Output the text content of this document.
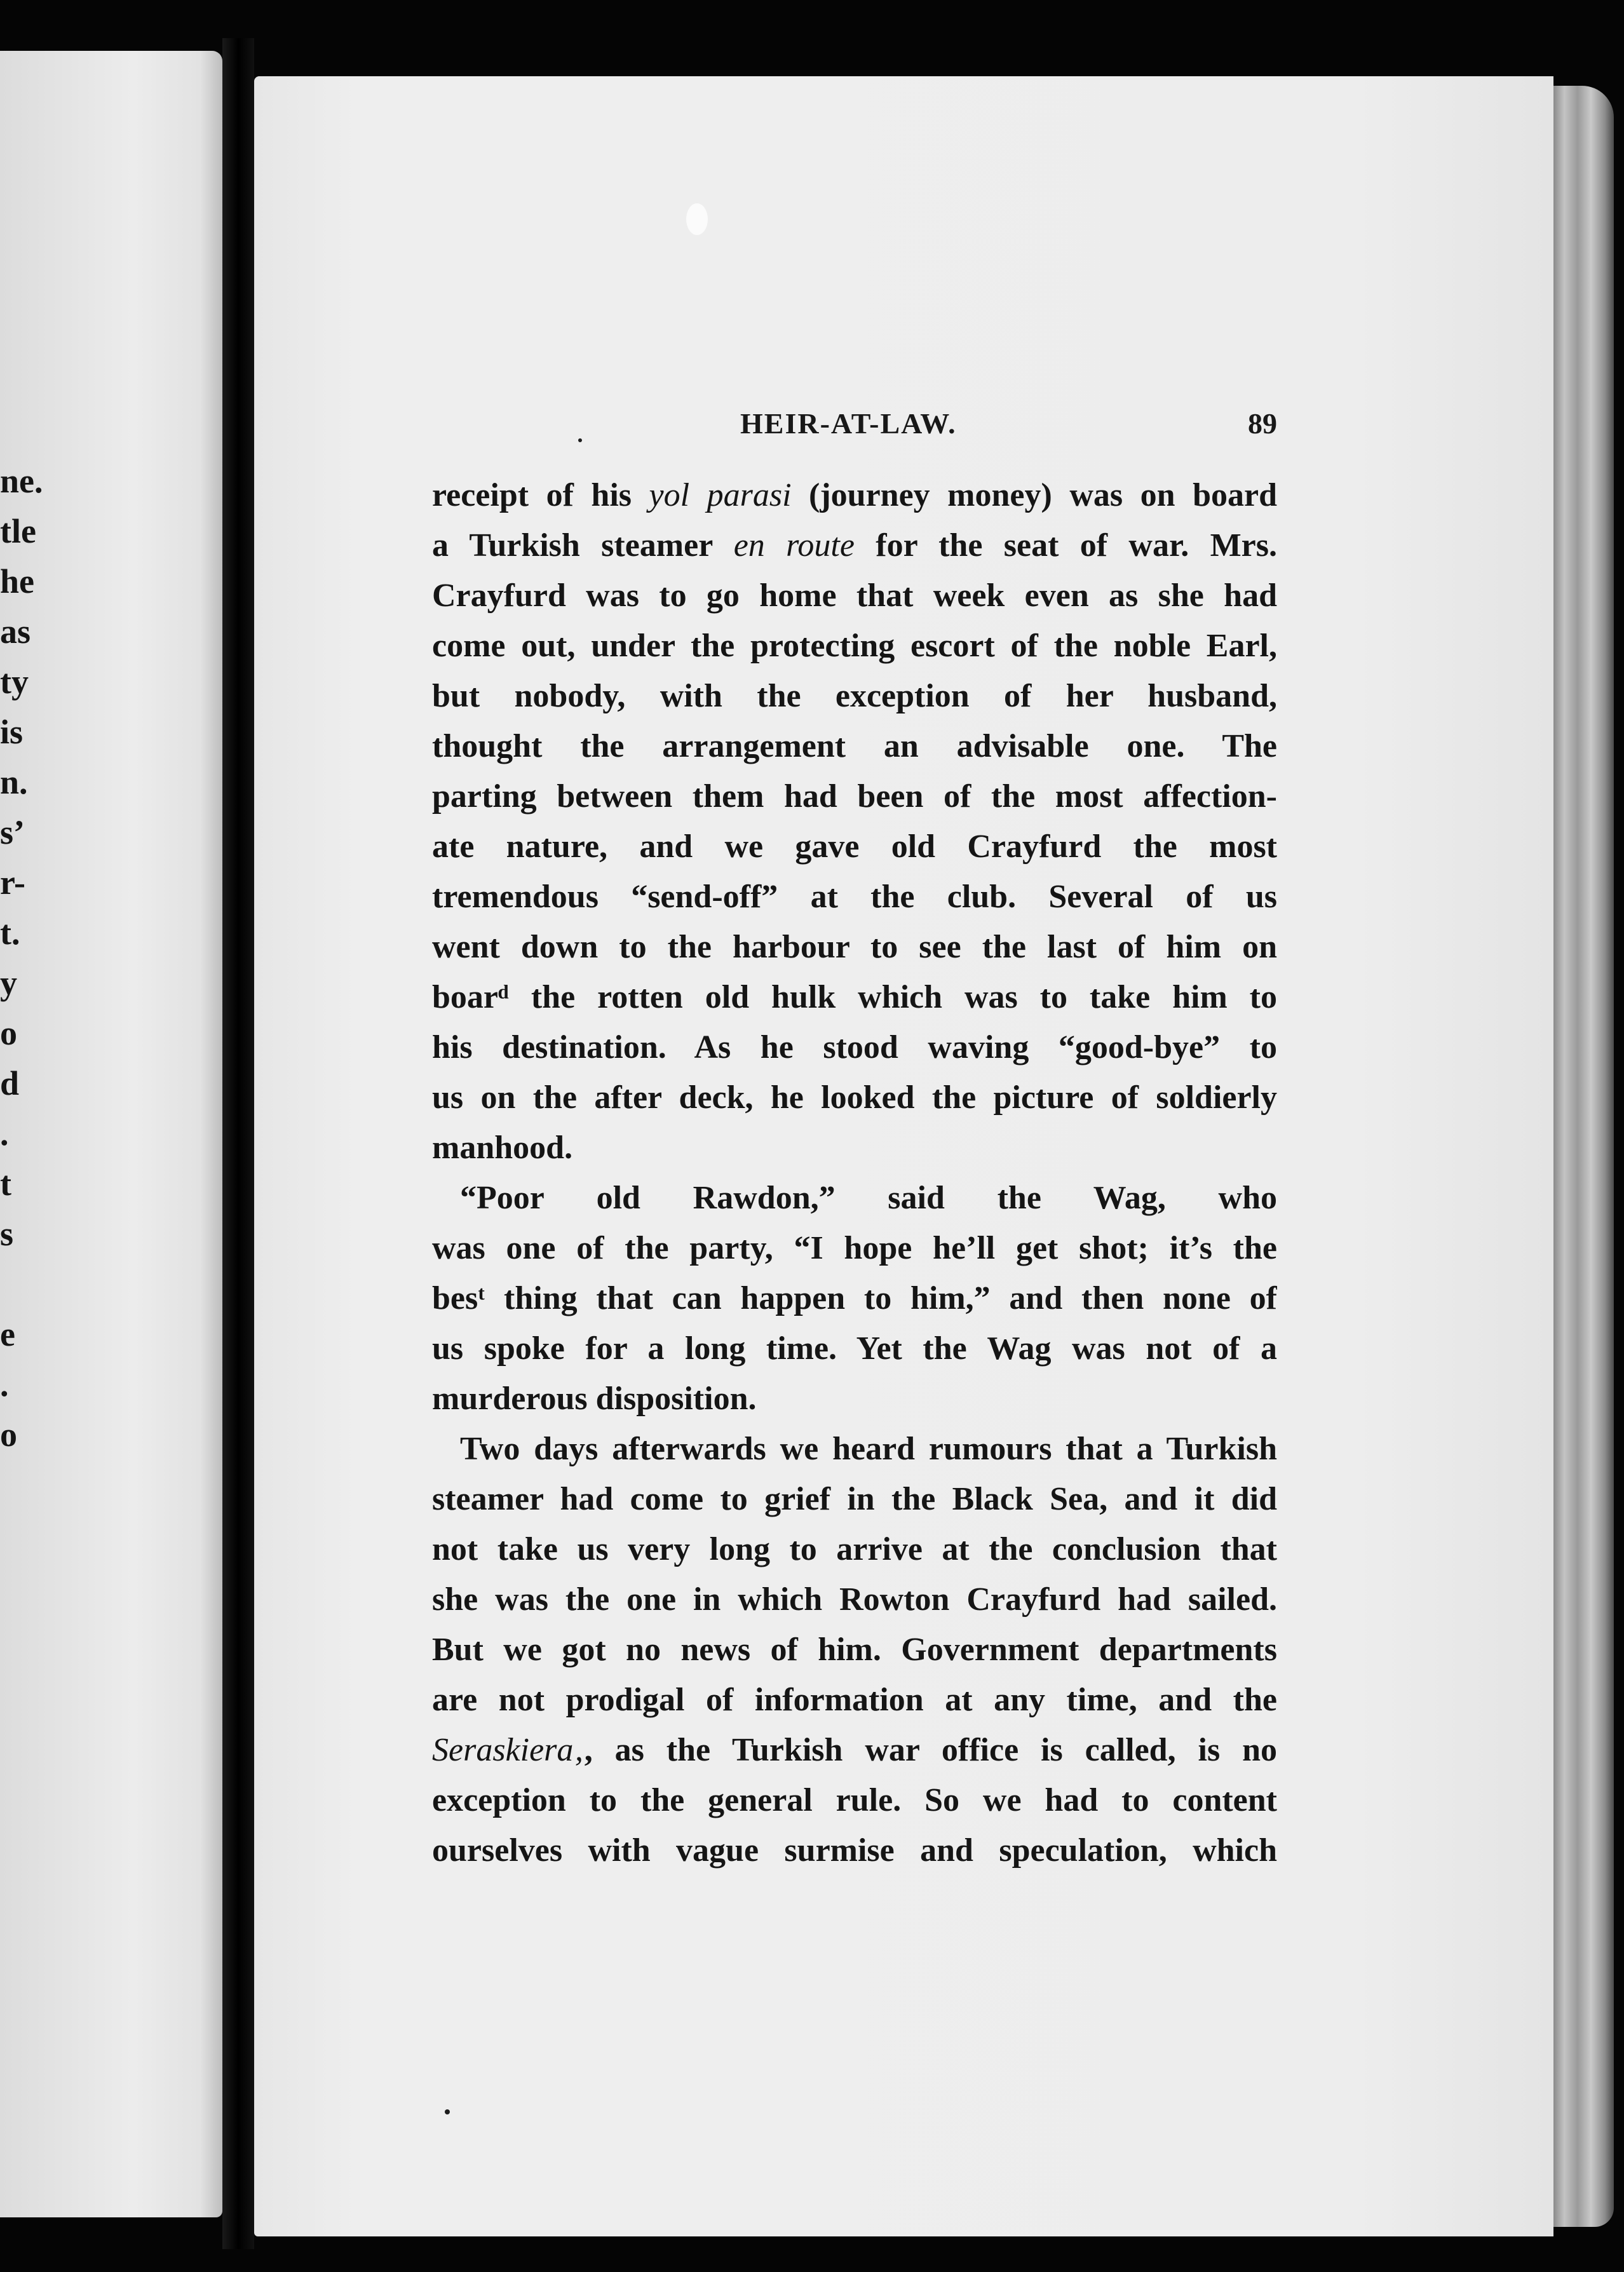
ne.
tle
he
as
ty
is
n.
s’
r-
t.
y
o
d
.
t
s
e
.
o
HEIR-AT-LAW.	89
receipt of his yol parasi (journey money) was on board
a Turkish steamer en route for the seat of war. Mrs.
Crayfurd was to go home that week even as she had
come out, under the protecting escort of the noble Earl,
but nobody, with the exception of her husband,
thought the arrangement an advisable one. The
parting between them had been of the most affection-
ate nature, and we gave old Crayfurd the most
tremendous “send-off” at the club. Several of us
went down to the harbour to see the last of him on
boarᵈ the rotten old hulk which was to take him to
his destination. As he stood waving “good-bye” to
us on the after deck, he looked the picture of soldierly
manhood.
“Poor old Rawdon,” said the Wag, who
was one of the party, “I hope he’ll get shot; it’s the
besᵗ thing that can happen to him,” and then none of
us spoke for a long time. Yet the Wag was not of a
murderous disposition.
Two days afterwards we heard rumours that a Turkish
steamer had come to grief in the Black Sea, and it did
not take us very long to arrive at the conclusion that
she was the one in which Rowton Crayfurd had sailed.
But we got no news of him. Government departments
are not prodigal of information at any time, and the
Seraskiera‚, as the Turkish war office is called, is no
exception to the general rule. So we had to content
ourselves with vague surmise and speculation, which
